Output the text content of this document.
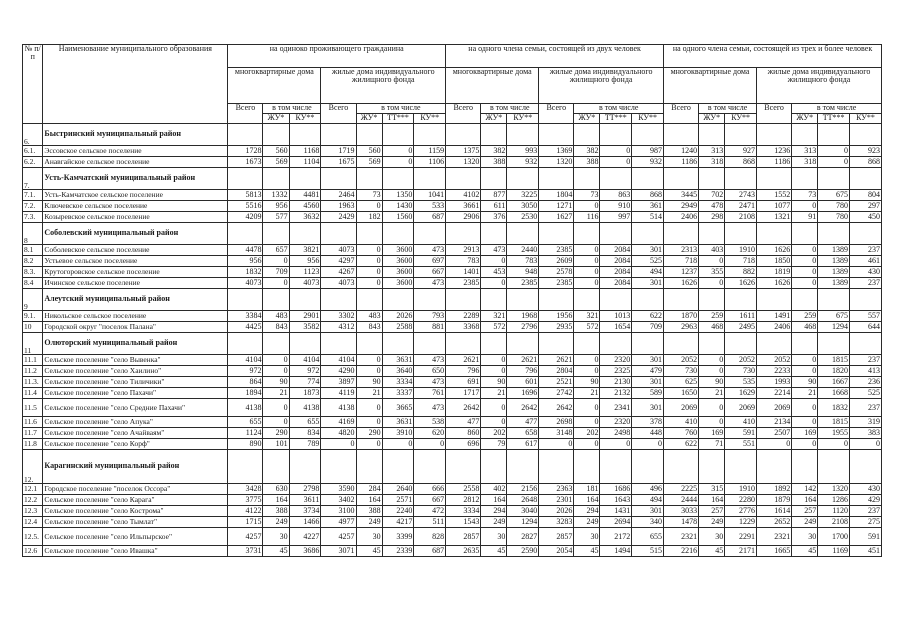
№ п/п	Наименование муниципального образования	на одиноко проживающего гражданина							на одного члена семьи, состоящей из двух человек							на одного члена семьи, состоящей из трех и более человек						
		многоквартирные дома			жилые дома индивидуального жилищного фонда				многоквартирные дома			жилые дома индивидуального жилищного фонда				многоквартирные дома			жилые дома индивидуального жилищного фонда			
		Всего	в том числе		Всего	в том числе			Всего	в том числе		Всего	в том числе			Всего	в том числе		Всего	в том числе		
			ЖУ*	КУ**		ЖУ*	ТТ***	КУ**		ЖУ*	КУ**		ЖУ*	ТТ***	КУ**		ЖУ*	КУ**		ЖУ*	ТТ***	КУ**
6.	Быстринский муниципальный район																					
6.1.	Эссовское сельское поселение	1728	560	1168	1719	560	0	1159	1375	382	993	1369	382	0	987	1240	313	927	1236	313	0	923
6.2.	Анавгайское сельское поселение	1673	569	1104	1675	569	0	1106	1320	388	932	1320	388	0	932	1186	318	868	1186	318	0	868
7.	Усть-Камчатский муниципальный район																					
7.1.	Усть-Камчатское сельское поселение	5813	1332	4481	2464	73	1350	1041	4102	877	3225	1804	73	863	868	3445	702	2743	1552	73	675	804
7.2.	Ключевское сельское поселение	5516	956	4560	1963	0	1430	533	3661	611	3050	1271	0	910	361	2949	478	2471	1077	0	780	297
7.3.	Козыревское сельское поселение	4209	577	3632	2429	182	1560	687	2906	376	2530	1627	116	997	514	2406	298	2108	1321	91	780	450
8	Соболевский муниципальный район																					
8.1	Соболевское сельское поселение	4478	657	3821	4073	0	3600	473	2913	473	2440	2385	0	2084	301	2313	403	1910	1626	0	1389	237
8.2	Устьевое сельское поселение	956	0	956	4297	0	3600	697	783	0	783	2609	0	2084	525	718	0	718	1850	0	1389	461
8.3.	Крутогоровское сельское поселение	1832	709	1123	4267	0	3600	667	1401	453	948	2578	0	2084	494	1237	355	882	1819	0	1389	430
8.4	Ичинское сельское поселение	4073	0	4073	4073	0	3600	473	2385	0	2385	2385	0	2084	301	1626	0	1626	1626	0	1389	237
9	Алеутский муниципальный район																					
9.1.	Никольское сельское поселение	3384	483	2901	3302	483	2026	793	2289	321	1968	1956	321	1013	622	1870	259	1611	1491	259	675	557
10	Городской округ "поселок Палана"	4425	843	3582	4312	843	2588	881	3368	572	2796	2935	572	1654	709	2963	468	2495	2406	468	1294	644
11	Олюторский муниципальный район																					
11.1	Сельское поселение "село Вывенка"	4104	0	4104	4104	0	3631	473	2621	0	2621	2621	0	2320	301	2052	0	2052	2052	0	1815	237
11.2	Сельское поселение "село Хаилино"	972	0	972	4290	0	3640	650	796	0	796	2804	0	2325	479	730	0	730	2233	0	1820	413
11.3.	Сельское поселение "село Тиличики"	864	90	774	3897	90	3334	473	691	90	601	2521	90	2130	301	625	90	535	1993	90	1667	236
11.4	Сельское поселение "село Пахачи"	1894	21	1873	4119	21	3337	761	1717	21	1696	2742	21	2132	589	1650	21	1629	2214	21	1668	525
11.5	Сельское поселение "село Средние Пахачи"	4138	0	4138	4138	0	3665	473	2642	0	2642	2642	0	2341	301	2069	0	2069	2069	0	1832	237
11.6	Сельское поселение "село Апука"	655	0	655	4169	0	3631	538	477	0	477	2698	0	2320	378	410	0	410	2134	0	1815	319
11.7	Сельское поселение "село Ачайваям"	1124	290	834	4820	290	3910	620	860	202	658	3148	202	2498	448	760	169	591	2507	169	1955	383
11.8	Сельское поселение "село Корф"	890	101	789	0	0	0	0	696	79	617	0	0	0	0	622	71	551	0	0	0	0
12.	Карагинский муниципальный район																					
12.1	Городское поселение "поселок Оссора"	3428	630	2798	3590	284	2640	666	2558	402	2156	2363	181	1686	496	2225	315	1910	1892	142	1320	430
12.2	Сельское поселение "село Карага"	3775	164	3611	3402	164	2571	667	2812	164	2648	2301	164	1643	494	2444	164	2280	1879	164	1286	429
12.3	Сельское поселение "село Кострома"	4122	388	3734	3100	388	2240	472	3334	294	3040	2026	294	1431	301	3033	257	2776	1614	257	1120	237
12.4	Сельское поселение "село Тымлат"	1715	249	1466	4977	249	4217	511	1543	249	1294	3283	249	2694	340	1478	249	1229	2652	249	2108	275
12.5.	Сельское поселение "село Ильпырское"	4257	30	4227	4257	30	3399	828	2857	30	2827	2857	30	2172	655	2321	30	2291	2321	30	1700	591
12.6	Сельское поселение "село Ивашка"	3731	45	3686	3071	45	2339	687	2635	45	2590	2054	45	1494	515	2216	45	2171	1665	45	1169	451
